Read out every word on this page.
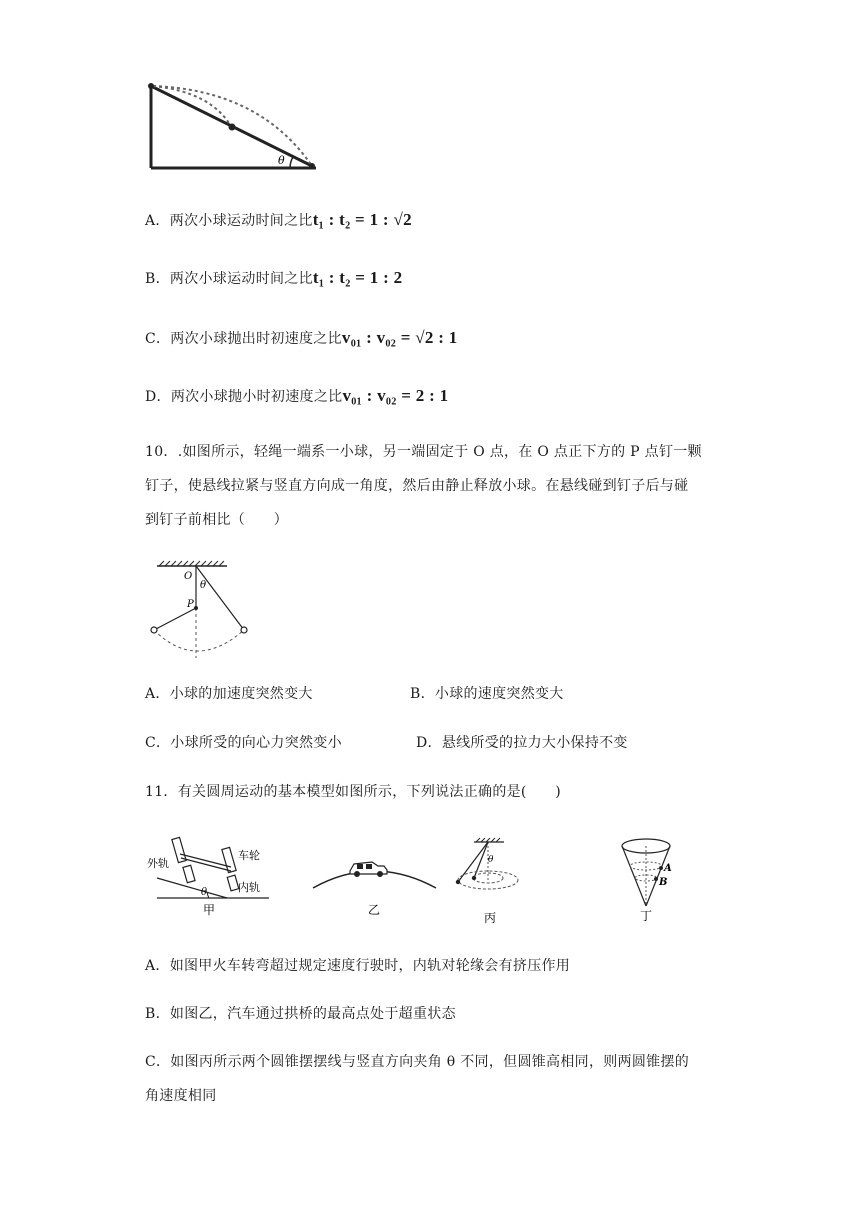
θ
A．两次小球运动时间之比t₁ : t₂ = 1 : √2
B．两次小球运动时间之比t₁ : t₂ = 1 : 2
C．两次小球抛出时初速度之比v₀₁ : v₀₂ = √2 : 1
D．两次小球抛小时初速度之比v₀₁ : v₀₂ = 2 : 1
10．.如图所示，轻绳一端系一小球，另一端固定于 O 点，在 O 点正下方的 P 点钉一颗
钉子，使悬线拉紧与竖直方向成一角度，然后由静止释放小球。在悬线碰到钉子后与碰
到钉子前相比（　　）
O
θ
P
A．小球的加速度突然变大	B．小球的速度突然变大
C．小球所受的向心力突然变小	D．悬线所受的拉力大小保持不变
11．有关圆周运动的基本模型如图所示，下列说法正确的是(　　)
外轨
车轮
内轨
θ
甲	乙
θ
丙
A
B
丁
A．如图甲火车转弯超过规定速度行驶时，内轨对轮缘会有挤压作用
B．如图乙，汽车通过拱桥的最高点处于超重状态
C．如图丙所示两个圆锥摆摆线与竖直方向夹角 θ 不同，但圆锥高相同，则两圆锥摆的
角速度相同
